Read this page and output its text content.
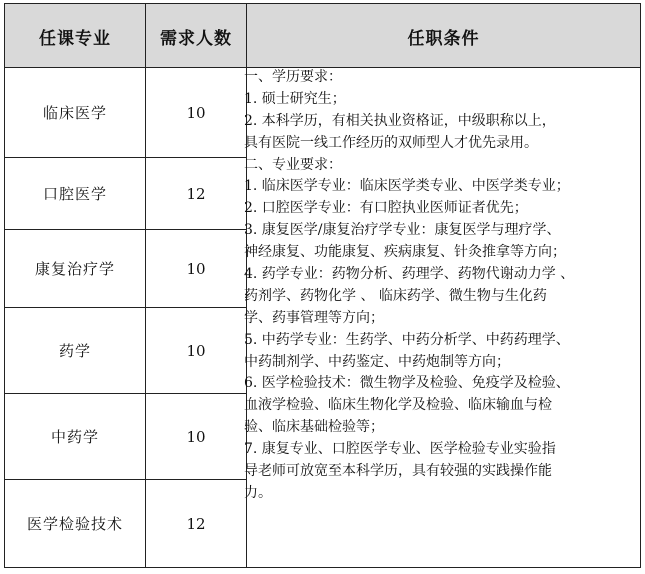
任课专业	需求人数	任职条件
临床医学	10
口腔医学	12
康复治疗学	10
药学	10
中药学	10
医学检验技术	12
一、学历要求：
1. 硕士研究生；
2. 本科学历，有相关执业资格证，中级职称以上，
具有医院一线工作经历的双师型人才优先录用。
二、专业要求：
1. 临床医学专业：临床医学类专业、中医学类专业；
2. 口腔医学专业：有口腔执业医师证者优先；
3. 康复医学/康复治疗学专业：康复医学与理疗学、
神经康复、功能康复、疾病康复、针灸推拿等方向；
4. 药学专业：药物分析、药理学、药物代谢动力学 、
药剂学、药物化学 、 临床药学、微生物与生化药
学、药事管理等方向；
5. 中药学专业：生药学、中药分析学、中药药理学、
中药制剂学、中药鉴定、中药炮制等方向；
6. 医学检验技术：微生物学及检验、免疫学及检验、
血液学检验、临床生物化学及检验、临床输血与检
验、临床基础检验等；
7. 康复专业、口腔医学专业、医学检验专业实验指
导老师可放宽至本科学历，具有较强的实践操作能
力。
